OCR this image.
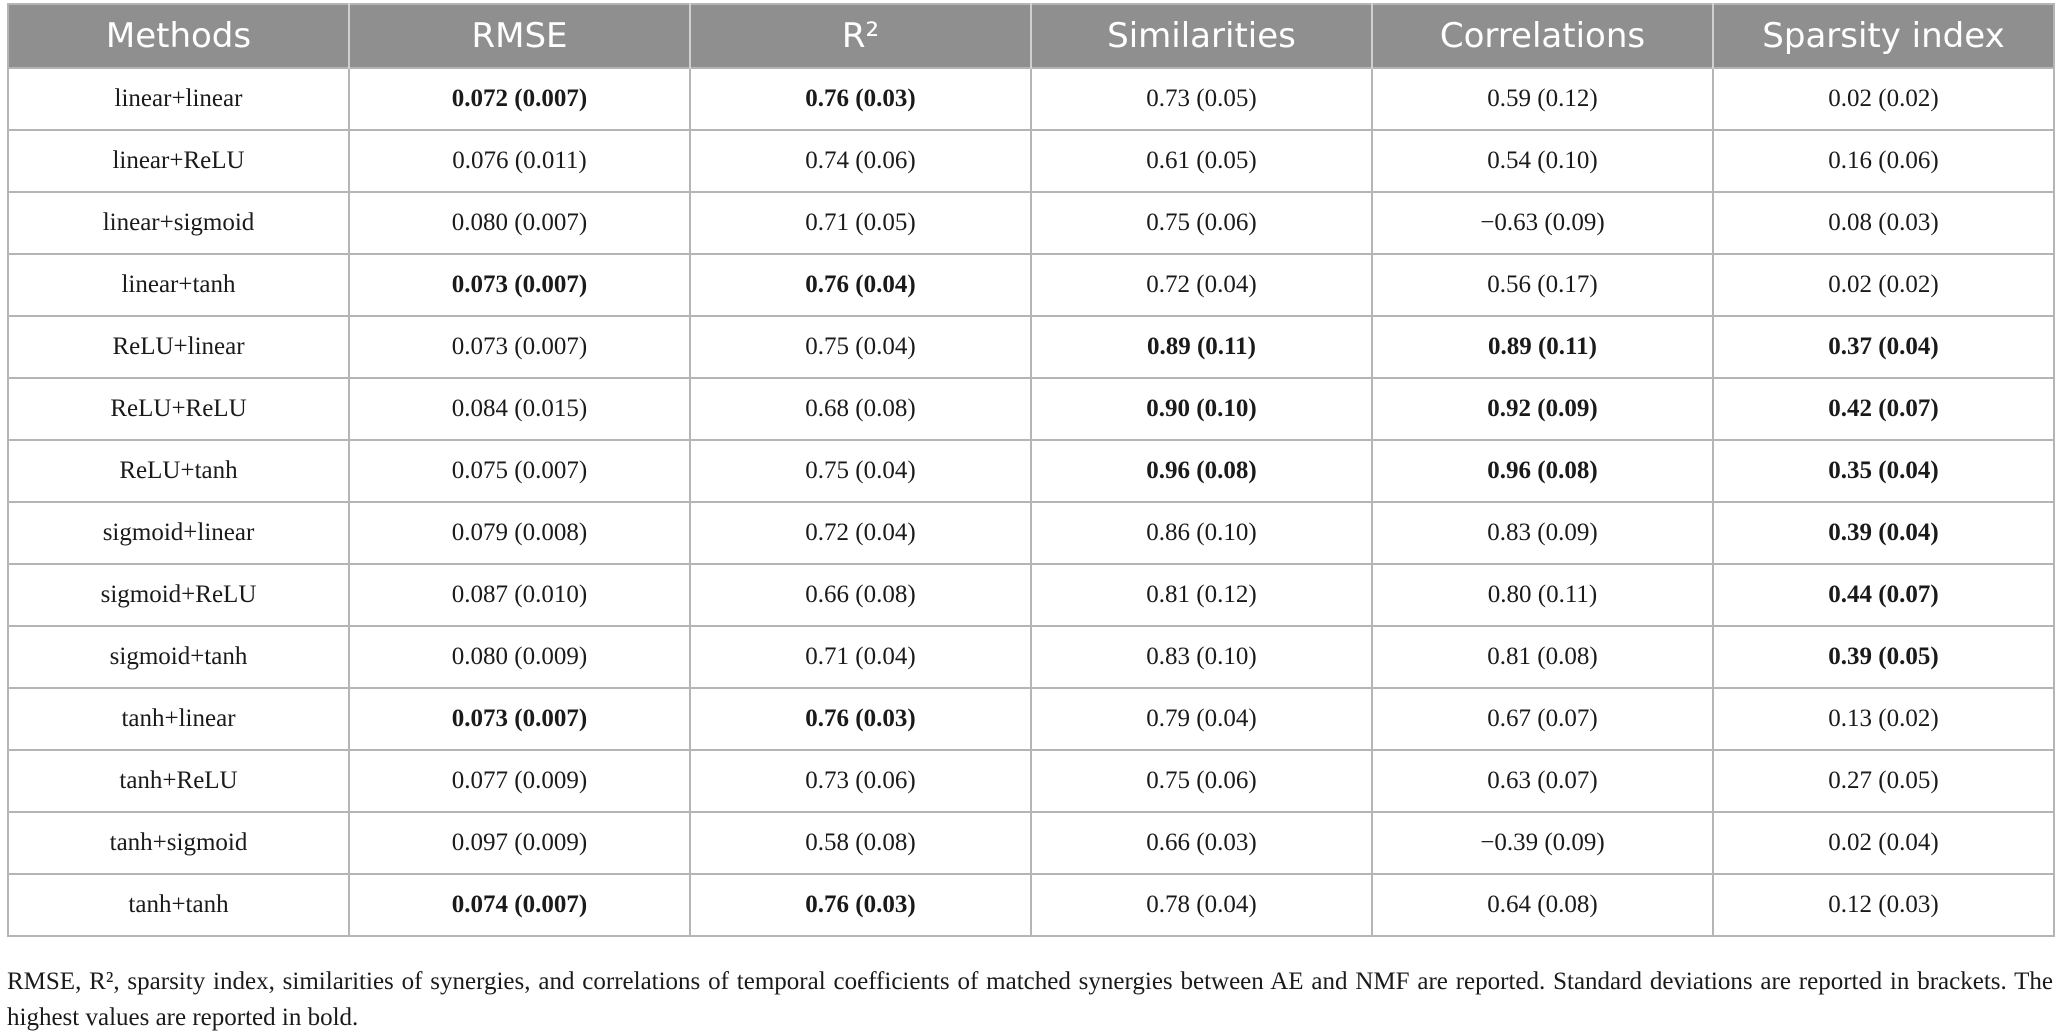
Methods	RMSE	R²	Similarities	Correlations	Sparsity index
linear+linear	0.072 (0.007)	0.76 (0.03)	0.73 (0.05)	0.59 (0.12)	0.02 (0.02)
linear+ReLU	0.076 (0.011)	0.74 (0.06)	0.61 (0.05)	0.54 (0.10)	0.16 (0.06)
linear+sigmoid	0.080 (0.007)	0.71 (0.05)	0.75 (0.06)	−0.63 (0.09)	0.08 (0.03)
linear+tanh	0.073 (0.007)	0.76 (0.04)	0.72 (0.04)	0.56 (0.17)	0.02 (0.02)
ReLU+linear	0.073 (0.007)	0.75 (0.04)	0.89 (0.11)	0.89 (0.11)	0.37 (0.04)
ReLU+ReLU	0.084 (0.015)	0.68 (0.08)	0.90 (0.10)	0.92 (0.09)	0.42 (0.07)
ReLU+tanh	0.075 (0.007)	0.75 (0.04)	0.96 (0.08)	0.96 (0.08)	0.35 (0.04)
sigmoid+linear	0.079 (0.008)	0.72 (0.04)	0.86 (0.10)	0.83 (0.09)	0.39 (0.04)
sigmoid+ReLU	0.087 (0.010)	0.66 (0.08)	0.81 (0.12)	0.80 (0.11)	0.44 (0.07)
sigmoid+tanh	0.080 (0.009)	0.71 (0.04)	0.83 (0.10)	0.81 (0.08)	0.39 (0.05)
tanh+linear	0.073 (0.007)	0.76 (0.03)	0.79 (0.04)	0.67 (0.07)	0.13 (0.02)
tanh+ReLU	0.077 (0.009)	0.73 (0.06)	0.75 (0.06)	0.63 (0.07)	0.27 (0.05)
tanh+sigmoid	0.097 (0.009)	0.58 (0.08)	0.66 (0.03)	−0.39 (0.09)	0.02 (0.04)
tanh+tanh	0.074 (0.007)	0.76 (0.03)	0.78 (0.04)	0.64 (0.08)	0.12 (0.03)
RMSE, R², sparsity index, similarities of synergies, and correlations of temporal coefficients of matched synergies between AE and NMF are reported. Standard deviations are reported in brackets. The highest values are reported in bold.
